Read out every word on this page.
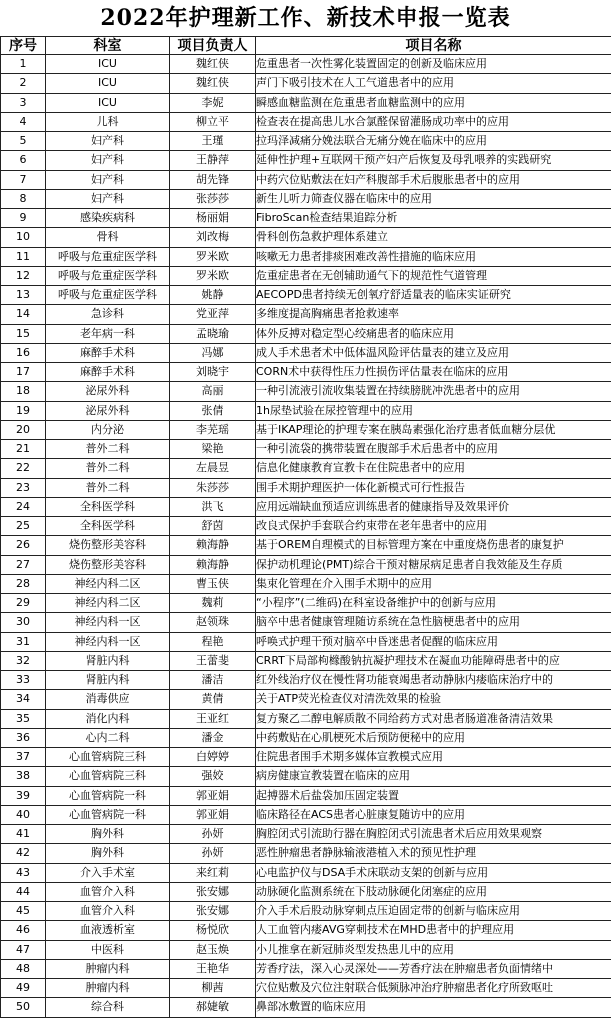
2022年护理新工作、新技术申报一览表
序号	科室	项目负责人	项目名称
1	ICU	魏红侠	危重患者一次性雾化装置固定的创新及临床应用
2	ICU	魏红侠	声门下吸引技术在人工气道患者中的应用
3	ICU	李妮	瞬感血糖监测在危重患者血糖监测中的应用
4	儿科	柳立平	检查表在提高患儿水合氯醛保留灌肠成功率中的应用
5	妇产科	王瑾	拉玛泽减痛分娩法联合无痛分娩在临床中的应用
6	妇产科	王静萍	延伸性护理+互联网干预产妇产后恢复及母乳喂养的实践研究
7	妇产科	胡先锋	中药穴位贴敷法在妇产科腹部手术后腹胀患者中的应用
8	妇产科	张莎莎	新生儿听力筛查仪器在临床中的应用
9	感染疾病科	杨丽娟	FibroScan检查结果追踪分析
10	骨科	刘改梅	骨科创伤急救护理体系建立
11	呼吸与危重症医学科	罗米欧	咳嗽无力患者排痰困难改善性措施的临床应用
12	呼吸与危重症医学科	罗米欧	危重症患者在无创辅助通气下的规范性气道管理
13	呼吸与危重症医学科	姚静	AECOPD患者持续无创氧疗舒适量表的临床实证研究
14	急诊科	党亚萍	多维度提高胸痛患者抢救速率
15	老年病一科	孟晓瑜	体外反搏对稳定型心绞痛患者的临床应用
16	麻醉手术科	冯娜	成人手术患者术中低体温风险评估量表的建立及应用
17	麻醉手术科	刘晓宇	CORN术中获得性压力性损伤评估量表在临床的应用
18	泌尿外科	高丽	一种引流液引流收集装置在持续膀胱冲洗患者中的应用
19	泌尿外科	张倩	1h尿垫试验在尿控管理中的应用
20	内分泌	李芜瑶	基于IKAP理论的护理专案在胰岛素强化治疗患者低血糖分层优
21	普外二科	梁艳	一种引流袋的携带装置在腹部手术后患者中的应用
22	普外二科	左晨昱	信息化健康教育宣教卡在住院患者中的应用
23	普外二科	朱莎莎	围手术期护理医护一体化新模式可行性报告
24	全科医学科	洪飞	应用远端缺血预适应训练患者的健康指导及效果评价
25	全科医学科	舒茵	改良式保护手套联合约束带在老年患者中的应用
26	烧伤整形美容科	赖海静	基于OREM自理模式的目标管理方案在中重度烧伤患者的康复护
27	烧伤整形美容科	赖海静	保护动机理论(PMT)综合干预对糖尿病足患者自我效能及生存质
28	神经内科二区	曹玉侠	集束化管理在介入围手术期中的应用
29	神经内科二区	魏莉	“小程序”(二维码)在科室设备维护中的创新与应用
30	神经内科一区	赵领珠	脑卒中患者健康管理随访系统在急性脑梗患者中的应用
31	神经内科一区	程艳	呼唤式护理干预对脑卒中昏迷患者促醒的临床应用
32	肾脏内科	王蕾斐	CRRT下局部枸橼酸钠抗凝护理技术在凝血功能障碍患者中的应
33	肾脏内科	潘洁	红外线治疗仪在慢性肾功能衰竭患者动静脉内瘘临床治疗中的
34	消毒供应	黄倩	关于ATP荧光检查仪对清洗效果的检验
35	消化内科	王亚红	复方聚乙二醇电解质散不同给药方式对患者肠道准备清洁效果
36	心内二科	潘金	中药敷贴在心肌梗死术后预防便秘中的应用
37	心血管病院三科	白婷婷	住院患者围手术期多媒体宣教模式应用
38	心血管病院三科	强姣	病房健康宣教装置在临床的应用
39	心血管病院一科	郭亚娟	起搏器术后盐袋加压固定装置
40	心血管病院一科	郭亚娟	临床路径在ACS患者心脏康复随访中的应用
41	胸外科	孙妍	胸腔闭式引流助行器在胸腔闭式引流患者术后应用效果观察
42	胸外科	孙妍	恶性肿瘤患者静脉输液港植入术的预见性护理
43	介入手术室	来红莉	心电监护仪与DSA手术床联动支架的创新与应用
44	血管介入科	张安娜	动脉硬化监测系统在下肢动脉硬化闭塞症的应用
45	血管介入科	张安娜	介入手术后股动脉穿刺点压迫固定带的创新与临床应用
46	血液透析室	杨悦欣	人工血管内瘘AVG穿刺技术在MHD患者中的护理应用
47	中医科	赵玉焕	小儿推拿在新冠肺炎型发热患儿中的应用
48	肿瘤内科	王艳华	芳香疗法，深入心灵深处——芳香疗法在肿瘤患者负面情绪中
49	肿瘤内科	柳茜	穴位贴敷及穴位注射联合低频脉冲治疗肿瘤患者化疗所致呕吐
50	综合科	郝婕敏	鼻部冰敷置的临床应用
